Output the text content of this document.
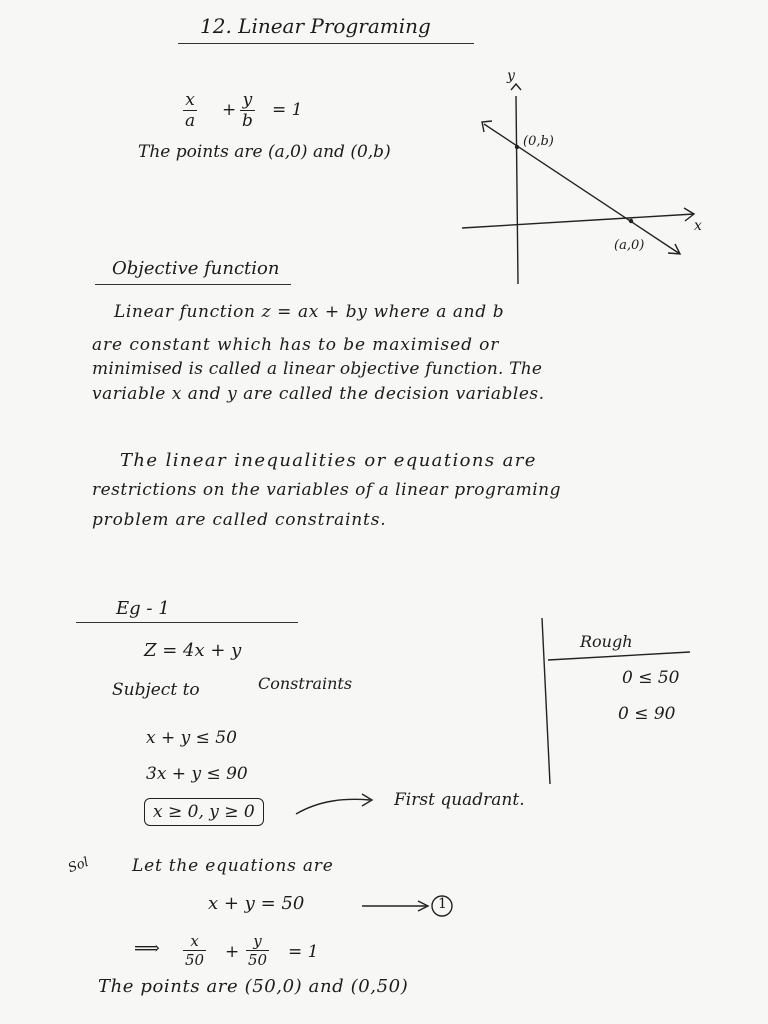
12. Linear Programing
$\frac{x}{a} + \frac{y}{b} = 1$
The points are (a,0) and (0,b)
y
x
(0,b)
(a,0)
Objective function
Linear function z = ax + by where a and b
are constant which has to be maximised or
minimised is called a linear objective function. The
variable x and y are called the decision variables.
The linear inequalities or equations are
restrictions on the variables of a linear programing
problem are called constraints.
Eg - 1
Z = 4x + y
Subject to	Constraints
x + y ≤ 50
3x + y ≤ 90
x ≥ 0, y ≥ 0
First quadrant.
Rough
0 ≤ 50
0 ≤ 90
Sol Let the equations are
x + y = 50	1
⟹ $\frac{x}{50} + \frac{y}{50} = 1$
The points are (50,0) and (0,50)
